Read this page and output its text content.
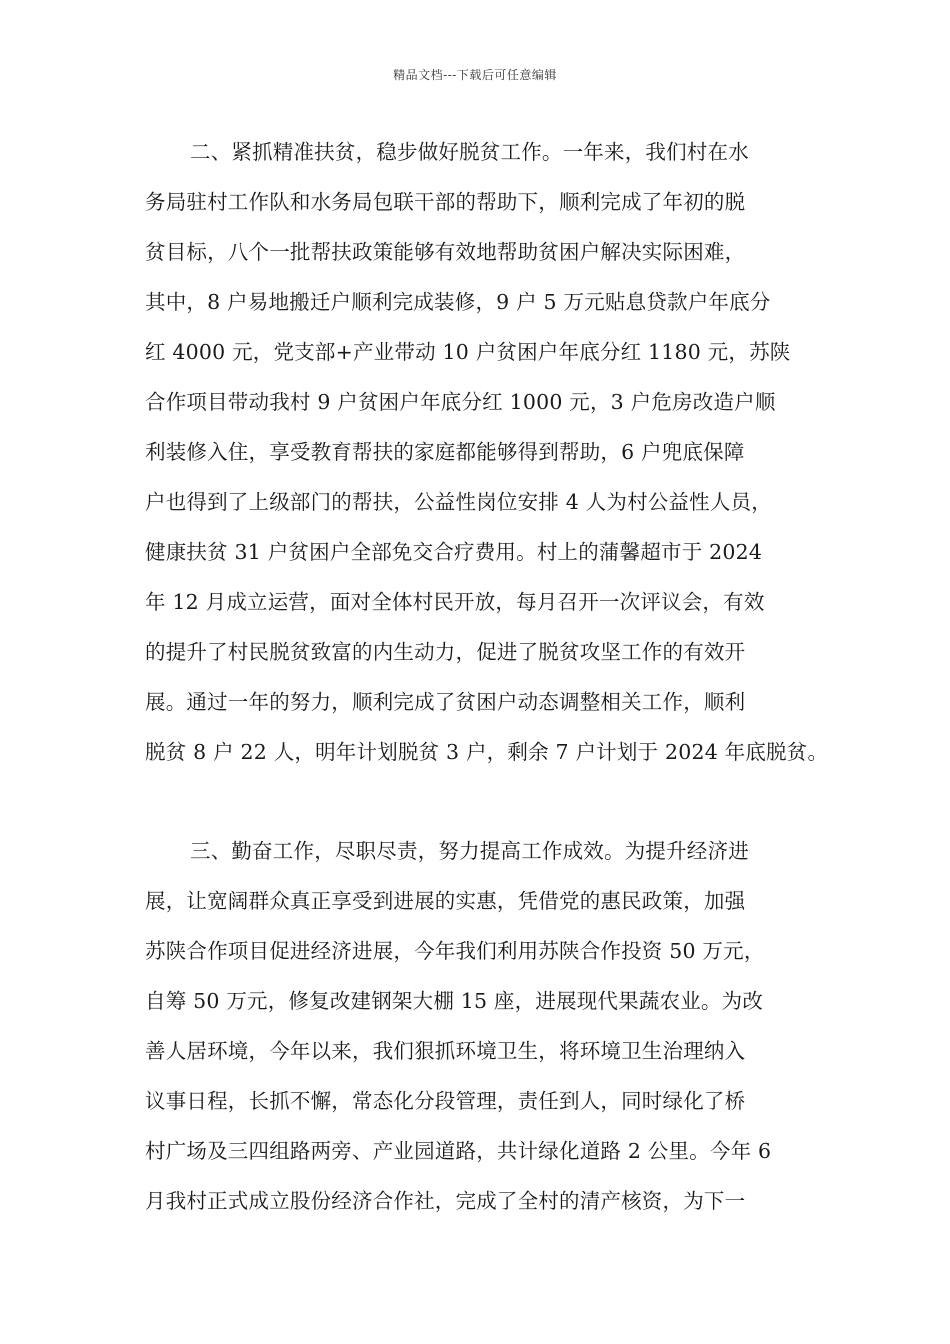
精品文档---下载后可任意编辑
二、紧抓精准扶贫，稳步做好脱贫工作。一年来，我们村在水
务局驻村工作队和水务局包联干部的帮助下，顺利完成了年初的脱
贫目标，八个一批帮扶政策能够有效地帮助贫困户解决实际困难，
其中，8 户易地搬迁户顺利完成装修，9 户 5 万元贴息贷款户年底分
红 4000 元，党支部+产业带动 10 户贫困户年底分红 1180 元，苏陕
合作项目带动我村 9 户贫困户年底分红 1000 元，3 户危房改造户顺
利装修入住，享受教育帮扶的家庭都能够得到帮助，6 户兜底保障
户也得到了上级部门的帮扶，公益性岗位安排 4 人为村公益性人员，
健康扶贫 31 户贫困户全部免交合疗费用。村上的蒲馨超市于 2024
年 12 月成立运营，面对全体村民开放，每月召开一次评议会，有效
的提升了村民脱贫致富的内生动力，促进了脱贫攻坚工作的有效开
展。通过一年的努力，顺利完成了贫困户动态调整相关工作，顺利
脱贫 8 户 22 人，明年计划脱贫 3 户，剩余 7 户计划于 2024 年底脱贫。
三、勤奋工作，尽职尽责，努力提高工作成效。为提升经济进
展，让宽阔群众真正享受到进展的实惠，凭借党的惠民政策，加强
苏陕合作项目促进经济进展，今年我们利用苏陕合作投资 50 万元，
自筹 50 万元，修复改建钢架大棚 15 座，进展现代果蔬农业。为改
善人居环境，今年以来，我们狠抓环境卫生，将环境卫生治理纳入
议事日程，长抓不懈，常态化分段管理，责任到人，同时绿化了桥
村广场及三四组路两旁、产业园道路，共计绿化道路 2 公里。今年 6
月我村正式成立股份经济合作社，完成了全村的清产核资，为下一
